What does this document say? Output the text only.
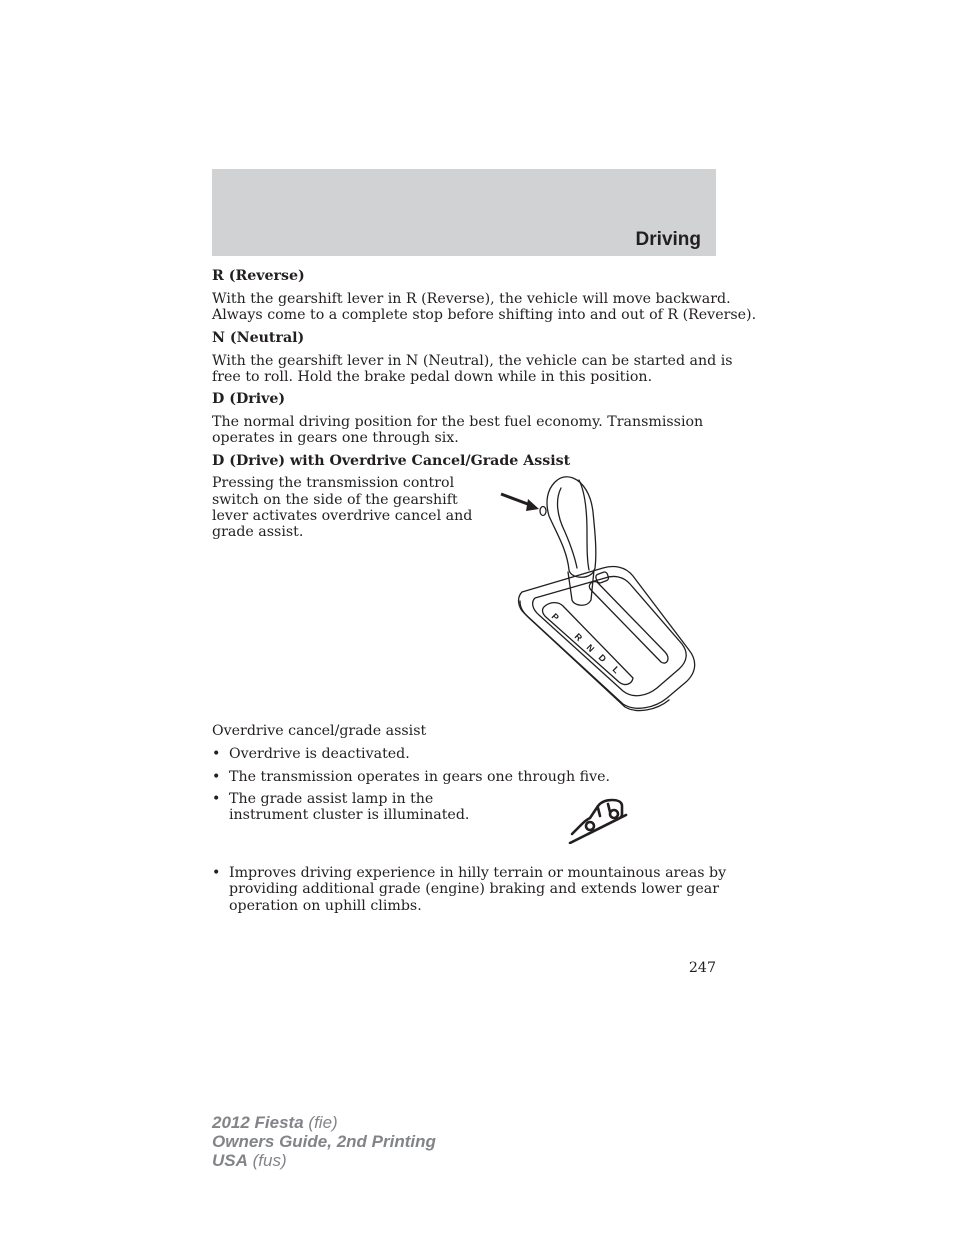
Driving
R (Reverse)
With the gearshift lever in R (Reverse), the vehicle will move backward.
Always come to a complete stop before shifting into and out of R (Reverse).
N (Neutral)
With the gearshift lever in N (Neutral), the vehicle can be started and is
free to roll. Hold the brake pedal down while in this position.
D (Drive)
The normal driving position for the best fuel economy. Transmission
operates in gears one through six.
D (Drive) with Overdrive Cancel/Grade Assist
Pressing the transmission control
switch on the side of the gearshift
lever activates overdrive cancel and
grade assist.
P
R
N
D
L
Overdrive cancel/grade assist
• Overdrive is deactivated.
• The transmission operates in gears one through five.
• The grade assist lamp in the
instrument cluster is illuminated.
• Improves driving experience in hilly terrain or mountainous areas by
providing additional grade (engine) braking and extends lower gear
operation on uphill climbs.
247
2012 Fiesta (fie)
Owners Guide, 2nd Printing
USA (fus)
